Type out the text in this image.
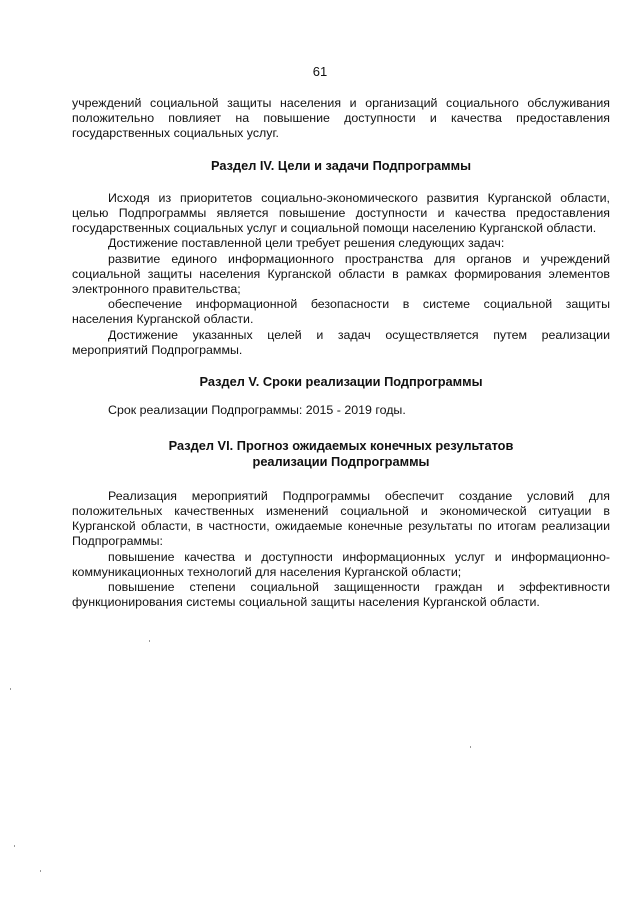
61

учреждений социальной защиты населения и организаций социального обслуживания положительно повлияет на повышение доступности и качества предоставления государственных социальных услуг.

Раздел IV. Цели и задачи Подпрограммы

Исходя из приоритетов социально-экономического развития Курганской области, целью Подпрограммы является повышение доступности и качества предоставления государственных социальных услуг и социальной помощи населению Курганской области.

Достижение поставленной цели требует решения следующих задач:

развитие единого информационного пространства для органов и учреждений социальной защиты населения Курганской области в рамках формирования элементов электронного правительства;

обеспечение информационной безопасности в системе социальной защиты населения Курганской области.

Достижение указанных целей и задач осуществляется путем реализации мероприятий Подпрограммы.

Раздел V. Сроки реализации Подпрограммы

Срок реализации Подпрограммы: 2015 - 2019 годы.

Раздел VI. Прогноз ожидаемых конечных результатов

реализации Подпрограммы

Реализация мероприятий Подпрограммы обеспечит создание условий для положительных качественных изменений социальной и экономической ситуации в Курганской области, в частности, ожидаемые конечные результаты по итогам реализации Подпрограммы:

повышение качества и доступности информационных услуг и информационно-коммуникационных технологий для населения Курганской области;

повышение степени социальной защищенности граждан и эффективности функционирования системы социальной защиты населения Курганской области.
